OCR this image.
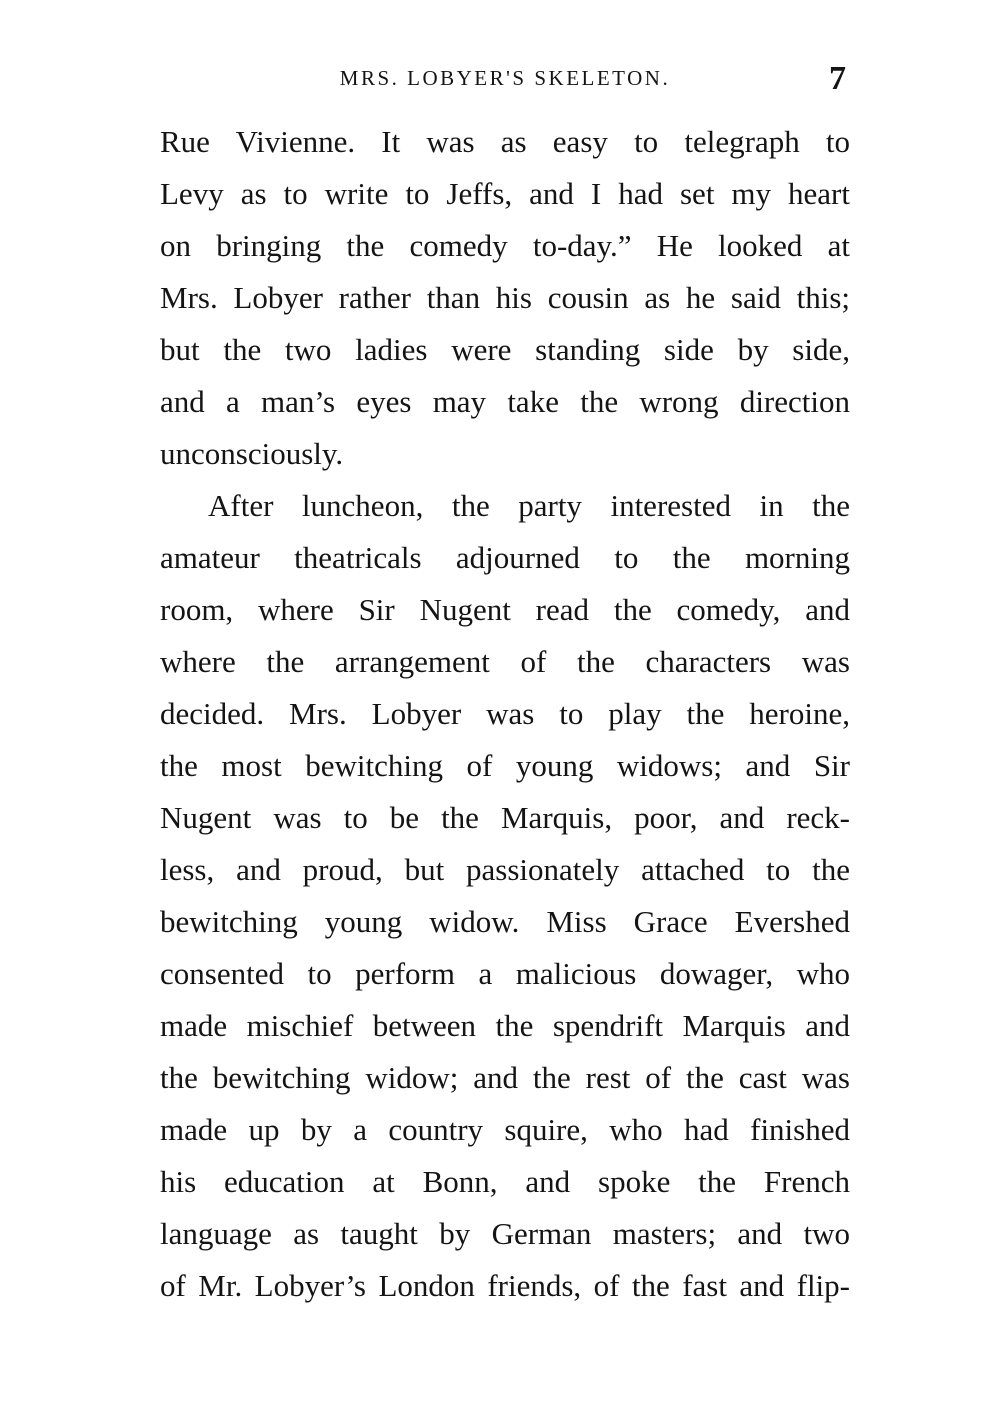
MRS. LOBYER'S SKELETON.	7
Rue Vivienne. It was as easy to telegraph to
Levy as to write to Jeffs, and I had set my heart
on bringing the comedy to-day.” He looked at
Mrs. Lobyer rather than his cousin as he said this;
but the two ladies were standing side by side,
and a man’s eyes may take the wrong direction
unconsciously.
After luncheon, the party interested in the
amateur theatricals adjourned to the morning
room, where Sir Nugent read the comedy, and
where the arrangement of the characters was
decided. Mrs. Lobyer was to play the heroine,
the most bewitching of young widows; and Sir
Nugent was to be the Marquis, poor, and reck-
less, and proud, but passionately attached to the
bewitching young widow. Miss Grace Evershed
consented to perform a malicious dowager, who
made mischief between the spendrift Marquis and
the bewitching widow; and the rest of the cast was
made up by a country squire, who had finished
his education at Bonn, and spoke the French
language as taught by German masters; and two
of Mr. Lobyer’s London friends, of the fast and flip-
